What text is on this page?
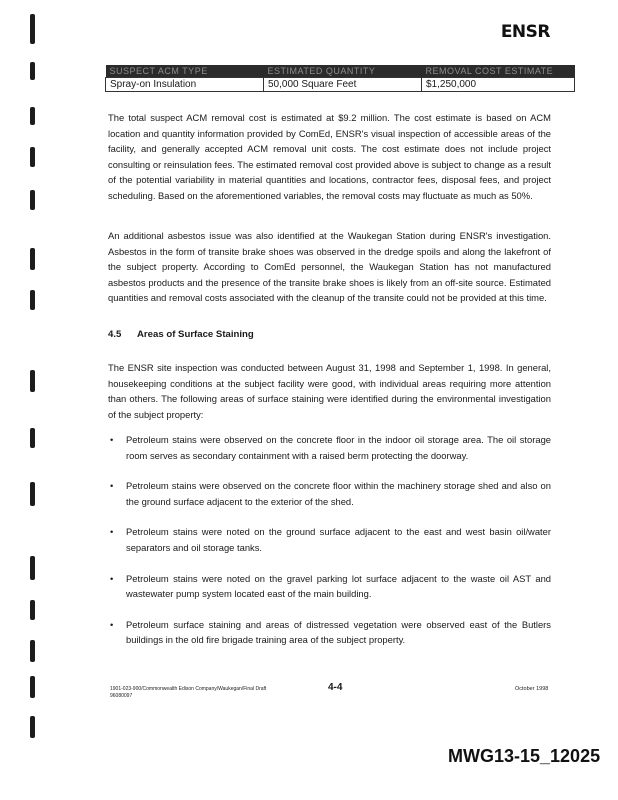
ENSR
SUSPECT ACM TYPE	ESTIMATED QUANTITY	REMOVAL COST ESTIMATE
Spray-on Insulation	50,000 Square Feet	$1,250,000

The total suspect ACM removal cost is estimated at $9.2 million. The cost estimate is based on ACM location and quantity information provided by ComEd, ENSR's visual inspection of accessible areas of the facility, and generally accepted ACM removal unit costs. The cost estimate does not include project consulting or reinsulation fees. The estimated removal cost provided above is subject to change as a result of the potential variability in material quantities and locations, contractor fees, disposal fees, and project scheduling. Based on the aforementioned variables, the removal costs may fluctuate as much as 50%.

An additional asbestos issue was also identified at the Waukegan Station during ENSR's investigation. Asbestos in the form of transite brake shoes was observed in the dredge spoils and along the lakefront of the subject property. According to ComEd personnel, the Waukegan Station has not manufactured asbestos products and the presence of the transite brake shoes is likely from an off-site source. Estimated quantities and removal costs associated with the cleanup of the transite could not be provided at this time.

4.5 Areas of Surface Staining

The ENSR site inspection was conducted between August 31, 1998 and September 1, 1998. In general, housekeeping conditions at the subject facility were good, with individual areas requiring more attention than others. The following areas of surface staining were identified during the environmental investigation of the subject property:

• Petroleum stains were observed on the concrete floor in the indoor oil storage area. The oil storage room serves as secondary containment with a raised berm protecting the doorway.
• Petroleum stains were observed on the concrete floor within the machinery storage shed and also on the ground surface adjacent to the exterior of the shed.
• Petroleum stains were noted on the ground surface adjacent to the east and west basin oil/water separators and oil storage tanks.
• Petroleum stains were noted on the gravel parking lot surface adjacent to the waste oil AST and wastewater pump system located east of the main building.
• Petroleum surface staining and areas of distressed vegetation were observed east of the Butlers buildings in the old fire brigade training area of the subject property.
1901-023-900/Commonwealth Edison Company/Waukegan/Final Draft
96080097
4-4	October 1998
MWG13-15_12025
